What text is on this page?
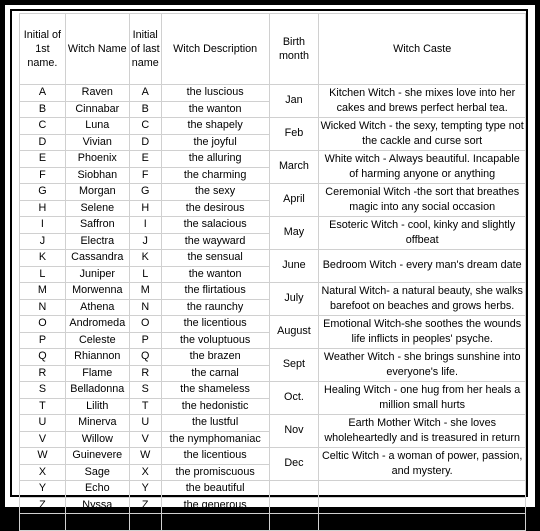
Initial of 1st name.	Witch Name	Initial of last name	Witch Description	Birth month	Witch Caste
A	Raven	A	the luscious	Jan	Kitchen Witch - she mixes love into her cakes and brews perfect herbal tea.
B	Cinnabar	B	the wanton		
C	Luna	C	the shapely	Feb	Wicked Witch - the sexy, tempting type not the cackle and curse sort
D	Vivian	D	the joyful		
E	Phoenix	E	the alluring	March	White witch - Always beautiful. Incapable of harming anyone or anything
F	Siobhan	F	the charming		
G	Morgan	G	the sexy	April	Ceremonial Witch -the sort that breathes magic into any social occasion
H	Selene	H	the desirous		
I	Saffron	I	the salacious	May	Esoteric Witch - cool, kinky and slightly offbeat
J	Electra	J	the wayward		
K	Cassandra	K	the sensual	June	Bedroom Witch - every man's dream date
L	Juniper	L	the wanton		
M	Morwenna	M	the flirtatious	July	Natural Witch- a natural beauty, she walks barefoot on beaches and grows herbs.
N	Athena	N	the raunchy		
O	Andromeda	O	the licentious	August	Emotional Witch-she soothes the wounds life inflicts in peoples' psyche.
P	Celeste	P	the voluptuous		
Q	Rhiannon	Q	the brazen	Sept	Weather Witch - she brings sunshine into everyone's life.
R	Flame	R	the carnal		
S	Belladonna	S	the shameless	Oct.	Healing Witch - one hug from her heals a million small hurts
T	Lilith	T	the hedonistic		
U	Minerva	U	the lustful	Nov	Earth Mother Witch - she loves wholeheartedly and is treasured in return
V	Willow	V	the nymphomaniac		
W	Guinevere	W	the licentious	Dec	Celtic Witch - a woman of power, passion, and mystery.
X	Sage	X	the promiscuous		
Y	Echo	Y	the beautiful		
Z	Nyssa	Z	the generous		
